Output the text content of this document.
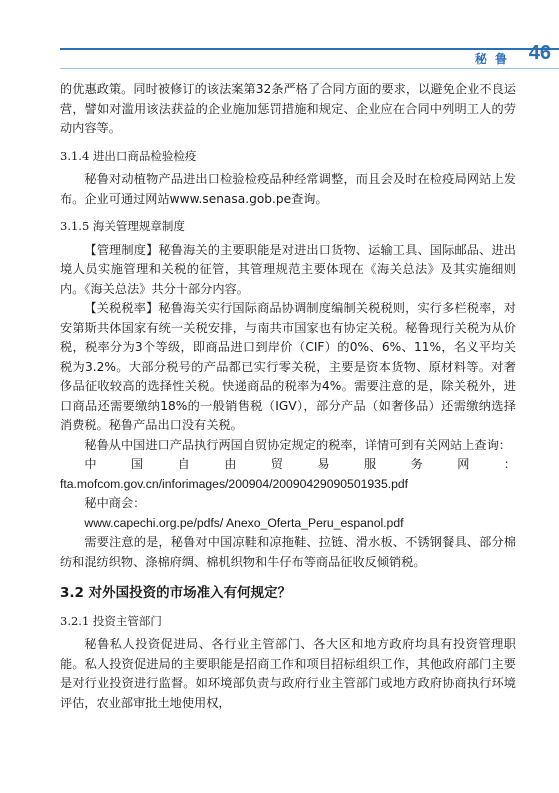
秘 鲁 46

的优惠政策。同时被修订的该法案第32条严格了合同方面的要求，以避免企业不良运营，譬如对滥用该法获益的企业施加惩罚措施和规定、企业应在合同中列明工人的劳动内容等。

3.1.4 进出口商品检验检疫

秘鲁对动植物产品进出口检验检疫品种经常调整，而且会及时在检疫局网站上发布。企业可通过网站www.senasa.gob.pe查询。

3.1.5 海关管理规章制度

【管理制度】秘鲁海关的主要职能是对进出口货物、运输工具、国际邮品、进出境人员实施管理和关税的征管，其管理规范主要体现在《海关总法》及其实施细则内。《海关总法》共分十部分内容。

【关税税率】秘鲁海关实行国际商品协调制度编制关税税则，实行多栏税率，对安第斯共体国家有统一关税安排，与南共市国家也有协定关税。秘鲁现行关税为从价税，税率分为3个等级，即商品进口到岸价（CIF）的0%、6%、11%，名义平均关税为3.2%。大部分税号的产品都已实行零关税，主要是资本货物、原材料等。对奢侈品征收较高的选择性关税。快递商品的税率为4%。需要注意的是，除关税外，进口商品还需要缴纳18%的一般销售税（IGV），部分产品（如奢侈品）还需缴纳选择消费税。秘鲁产品出口没有关税。

秘鲁从中国进口产品执行两国自贸协定规定的税率，详情可到有关网站上查询：

中国自由贸易服务网：fta.mofcom.gov.cn/inforimages/200904/20090429090501935.pdf

秘中商会：

www.capechi.org.pe/pdfs/ Anexo_Oferta_Peru_espanol.pdf

需要注意的是，秘鲁对中国凉鞋和凉拖鞋、拉链、滑水板、不锈钢餐具、部分棉纺和混纺织物、涤棉府绸、棉机织物和牛仔布等商品征收反倾销税。

3.2 对外国投资的市场准入有何规定？

3.2.1 投资主管部门

秘鲁私人投资促进局、各行业主管部门、各大区和地方政府均具有投资管理职能。私人投资促进局的主要职能是招商工作和项目招标组织工作，其他政府部门主要是对行业投资进行监督。如环境部负责与政府行业主管部门或地方政府协商执行环境评估，农业部审批土地使用权，
